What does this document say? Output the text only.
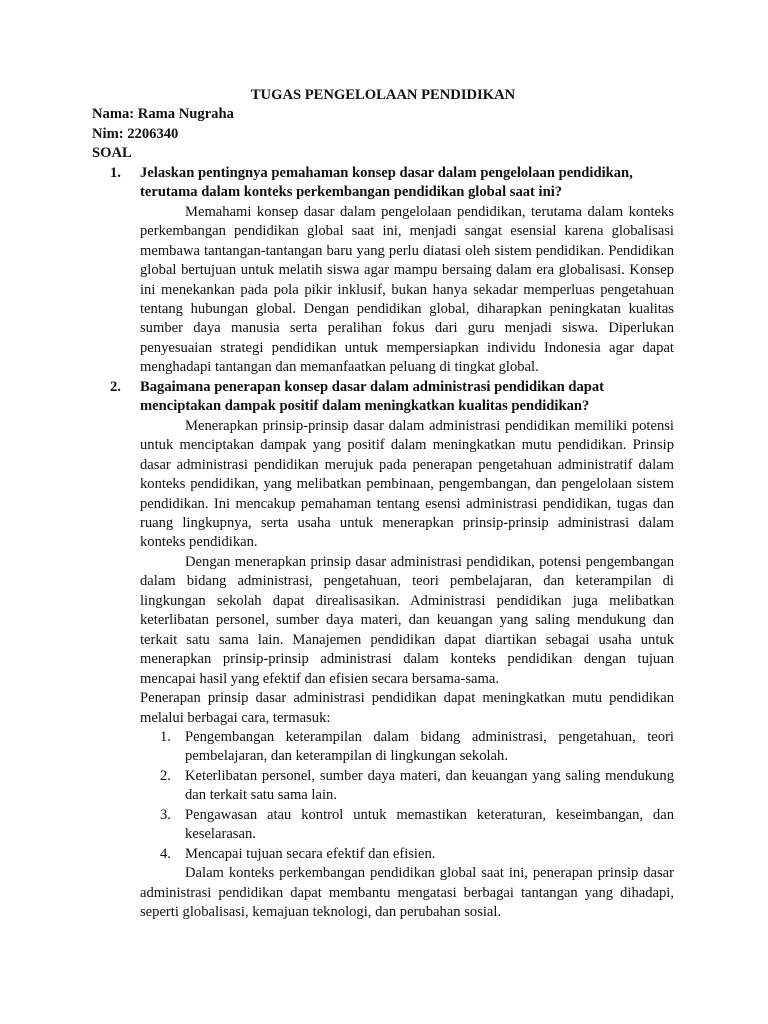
TUGAS PENGELOLAAN PENDIDIKAN

Nama: Rama Nugraha

Nim: 2206340

SOAL

1.	Jelaskan pentingnya pemahaman konsep dasar dalam pengelolaan pendidikan, terutama dalam konteks perkembangan pendidikan global saat ini?

Memahami konsep dasar dalam pengelolaan pendidikan, terutama dalam konteks perkembangan pendidikan global saat ini, menjadi sangat esensial karena globalisasi membawa tantangan-tantangan baru yang perlu diatasi oleh sistem pendidikan. Pendidikan global bertujuan untuk melatih siswa agar mampu bersaing dalam era globalisasi. Konsep ini menekankan pada pola pikir inklusif, bukan hanya sekadar memperluas pengetahuan tentang hubungan global. Dengan pendidikan global, diharapkan peningkatan kualitas sumber daya manusia serta peralihan fokus dari guru menjadi siswa. Diperlukan penyesuaian strategi pendidikan untuk mempersiapkan individu Indonesia agar dapat menghadapi tantangan dan memanfaatkan peluang di tingkat global.

2.	Bagaimana penerapan konsep dasar dalam administrasi pendidikan dapat menciptakan dampak positif dalam meningkatkan kualitas pendidikan?

Menerapkan prinsip-prinsip dasar dalam administrasi pendidikan memiliki potensi untuk menciptakan dampak yang positif dalam meningkatkan mutu pendidikan. Prinsip dasar administrasi pendidikan merujuk pada penerapan pengetahuan administratif dalam konteks pendidikan, yang melibatkan pembinaan, pengembangan, dan pengelolaan sistem pendidikan. Ini mencakup pemahaman tentang esensi administrasi pendidikan, tugas dan ruang lingkupnya, serta usaha untuk menerapkan prinsip-prinsip administrasi dalam konteks pendidikan.

Dengan menerapkan prinsip dasar administrasi pendidikan, potensi pengembangan dalam bidang administrasi, pengetahuan, teori pembelajaran, dan keterampilan di lingkungan sekolah dapat direalisasikan. Administrasi pendidikan juga melibatkan keterlibatan personel, sumber daya materi, dan keuangan yang saling mendukung dan terkait satu sama lain. Manajemen pendidikan dapat diartikan sebagai usaha untuk menerapkan prinsip-prinsip administrasi dalam konteks pendidikan dengan tujuan mencapai hasil yang efektif dan efisien secara bersama-sama.

Penerapan prinsip dasar administrasi pendidikan dapat meningkatkan mutu pendidikan melalui berbagai cara, termasuk:

1. Pengembangan keterampilan dalam bidang administrasi, pengetahuan, teori pembelajaran, dan keterampilan di lingkungan sekolah.
2. Keterlibatan personel, sumber daya materi, dan keuangan yang saling mendukung dan terkait satu sama lain.
3. Pengawasan atau kontrol untuk memastikan keteraturan, keseimbangan, dan keselarasan.
4. Mencapai tujuan secara efektif dan efisien.

Dalam konteks perkembangan pendidikan global saat ini, penerapan prinsip dasar administrasi pendidikan dapat membantu mengatasi berbagai tantangan yang dihadapi, seperti globalisasi, kemajuan teknologi, dan perubahan sosial.
